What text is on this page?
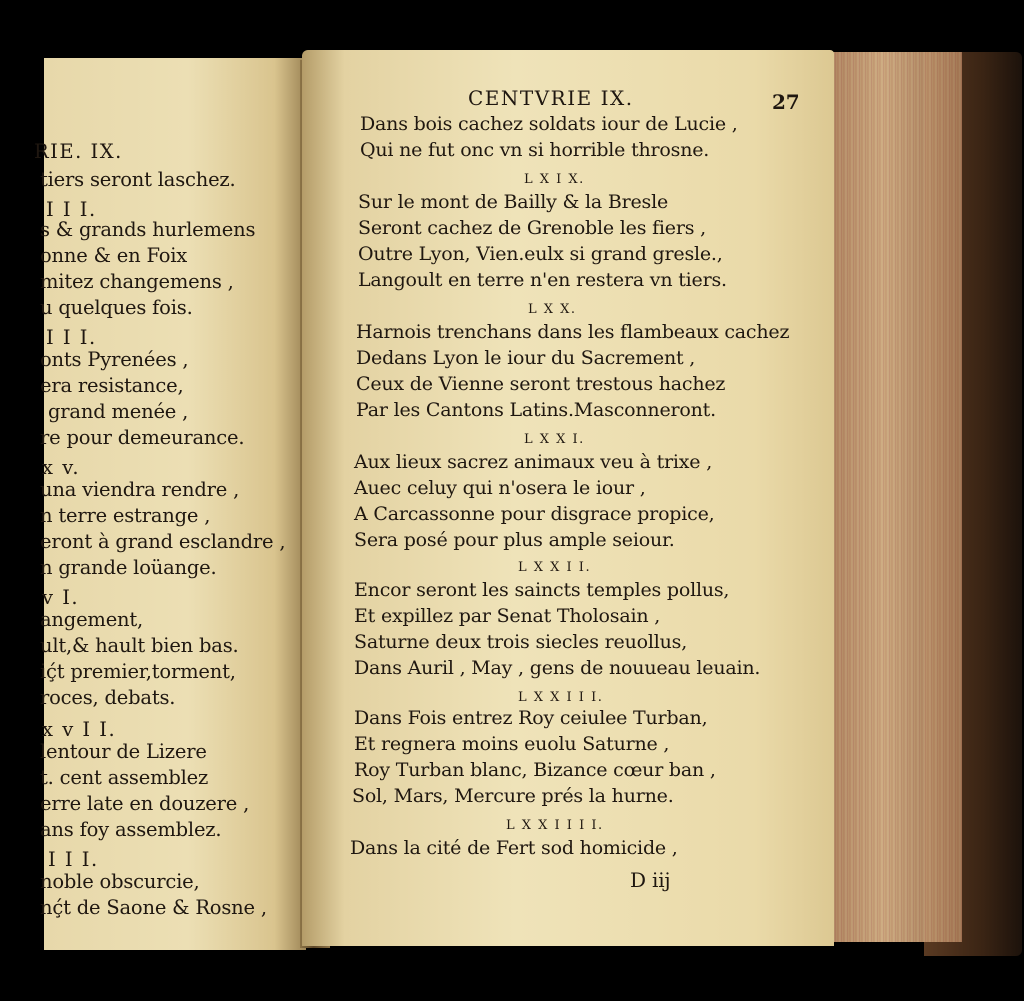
RIE. IX.
tiers seront laschez.
I I I.
s & grands hurlemens
onne & en Foix
mitez changemens ,
u quelques fois.
I I I.
onts Pyrenées ,
era resistance,
grand menée ,
re pour demeurance.
x v.
una viendra rendre ,
n terre estrange ,
eront à grand esclandre ,
n grande loüange.
v I.
angement,
ult,& hault bien bas.
iḉt premier,torment,
roces, debats.
x v I I.
lentour de Lizere
t. cent assemblez
erre late en douzere ,
ans foy assemblez.
I I I.
noble obscurcie,
nḉt de Saone & Rosne ,
CENTVRIE IX.	27
Dans bois cachez soldats iour de Lucie ,
Qui ne fut onc vn si horrible throsne.
L X I X.
Sur le mont de Bailly & la Bresle
Seront cachez de Grenoble les fiers ,
Outre Lyon, Vien.eulx si grand gresle.,
Langoult en terre n'en restera vn tiers.
L X X.
Harnois trenchans dans les flambeaux cachez
Dedans Lyon le iour du Sacrement ,
Ceux de Vienne seront trestous hachez
Par les Cantons Latins.Masconneront.
L X X I.
Aux lieux sacrez animaux veu à trixe ,
Auec celuy qui n'osera le iour ,
A Carcassonne pour disgrace propice,
Sera posé pour plus ample seiour.
L X X I I.
Encor seront les saincts temples pollus,
Et expillez par Senat Tholosain ,
Saturne deux trois siecles reuollus,
Dans Auril , May , gens de nouueau leuain.
L X X I I I.
Dans Fois entrez Roy ceiulee Turban,
Et regnera moins euolu Saturne ,
Roy Turban blanc, Bizance cœur ban ,
Sol, Mars, Mercure prés la hurne.
L X X I I I I.
Dans la cité de Fert sod homicide ,
D iij
